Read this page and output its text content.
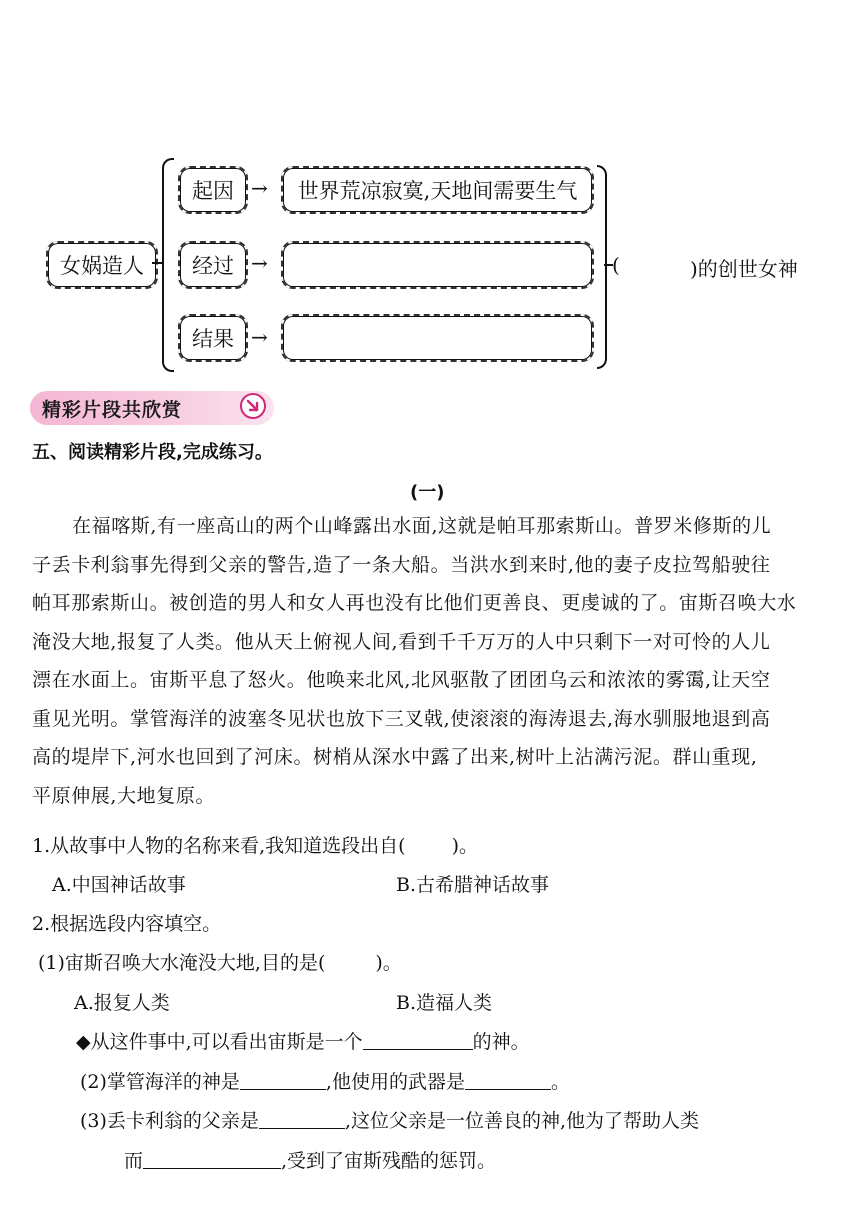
女娲造人
起因 → 世界荒凉寂寞,天地间需要生气
经过 →
结果 →
(	)的创世女神
精彩片段共欣赏
五、阅读精彩片段,完成练习。
(一)
在福喀斯,有一座高山的两个山峰露出水面,这就是帕耳那索斯山。普罗米修斯的儿
子丢卡利翁事先得到父亲的警告,造了一条大船。当洪水到来时,他的妻子皮拉驾船驶往
帕耳那索斯山。被创造的男人和女人再也没有比他们更善良、更虔诚的了。宙斯召唤大水
淹没大地,报复了人类。他从天上俯视人间,看到千千万万的人中只剩下一对可怜的人儿
漂在水面上。宙斯平息了怒火。他唤来北风,北风驱散了团团乌云和浓浓的雾霭,让天空
重见光明。掌管海洋的波塞冬见状也放下三叉戟,使滚滚的海涛退去,海水驯服地退到高
高的堤岸下,河水也回到了河床。树梢从深水中露了出来,树叶上沾满污泥。群山重现,
平原伸展,大地复原。
1.从故事中人物的名称来看,我知道选段出自( )。
A.中国神话故事	B.古希腊神话故事
2.根据选段内容填空。
(1)宙斯召唤大水淹没大地,目的是(	)。
A.报复人类	B.造福人类
◆从这件事中,可以看出宙斯是一个	的神。
(2)掌管海洋的神是	,他使用的武器是	。
(3)丢卡利翁的父亲是	,这位父亲是一位善良的神,他为了帮助人类
而	,受到了宙斯残酷的惩罚。
